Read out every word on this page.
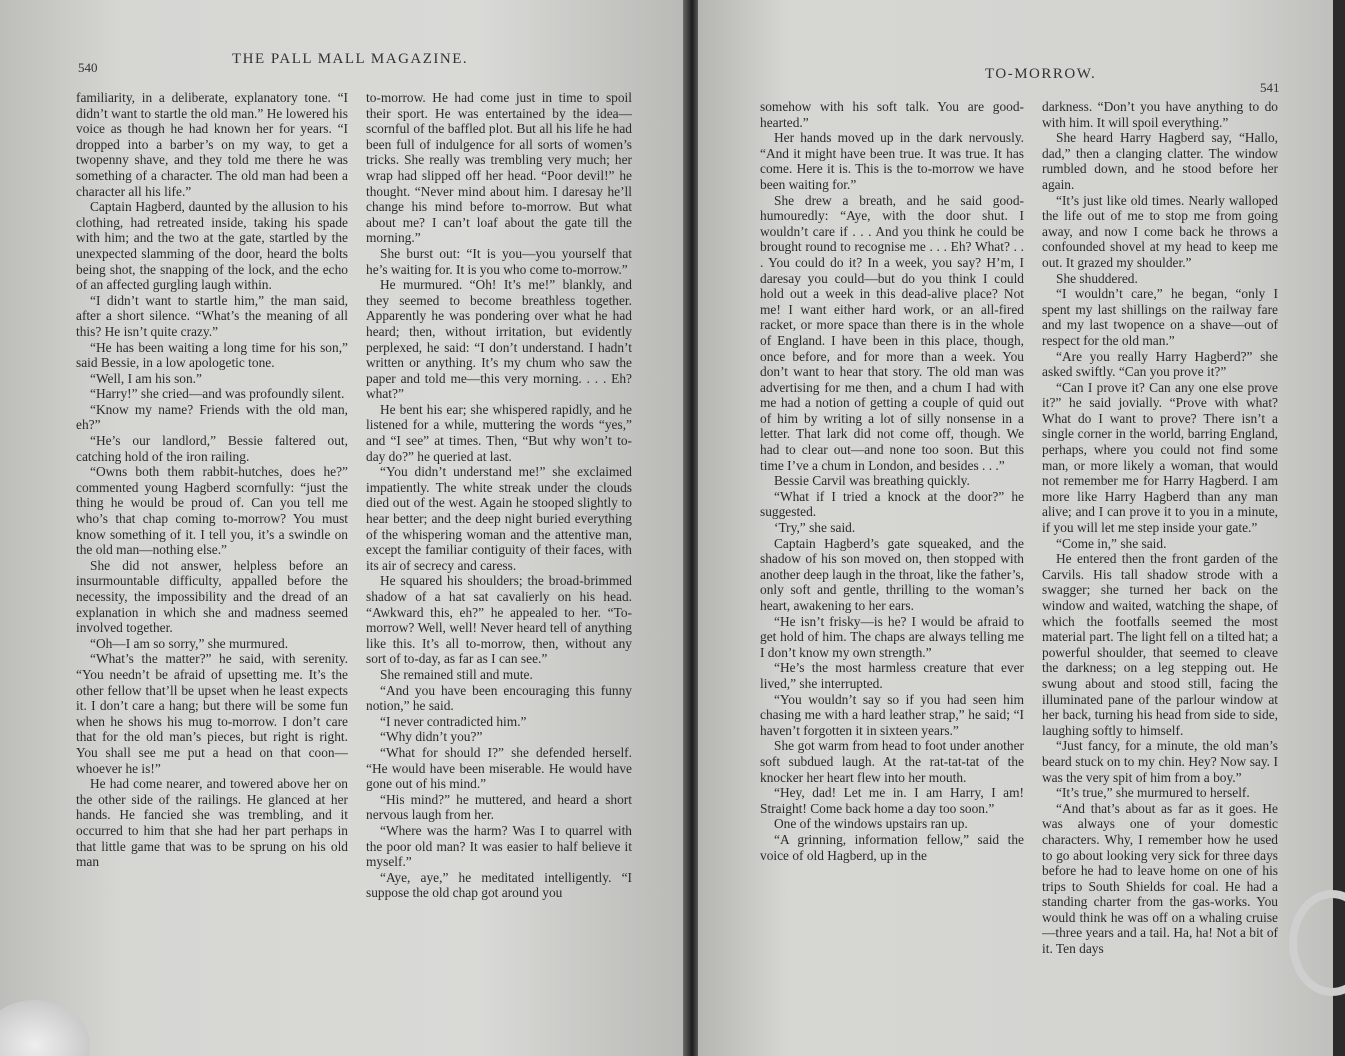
540
THE PALL MALL MAGAZINE.

familiarity, in a deliberate, explanatory tone. “I didn’t want to startle the old man.” He lowered his voice as though he had known her for years. “I dropped into a barber’s on my way, to get a twopenny shave, and they told me there he was something of a character. The old man had been a character all his life.”

Captain Hagberd, daunted by the allusion to his clothing, had retreated inside, taking his spade with him; and the two at the gate, startled by the unexpected slamming of the door, heard the bolts being shot, the snapping of the lock, and the echo of an affected gurgling laugh within.

“I didn’t want to startle him,” the man said, after a short silence. “What’s the meaning of all this? He isn’t quite crazy.”

“He has been waiting a long time for his son,” said Bessie, in a low apologetic tone.

“Well, I am his son.”

“Harry!” she cried—and was profoundly silent.

“Know my name? Friends with the old man, eh?”

“He’s our landlord,” Bessie faltered out, catching hold of the iron railing.

“Owns both them rabbit-hutches, does he?” commented young Hagberd scornfully: “just the thing he would be proud of. Can you tell me who’s that chap coming to-morrow? You must know something of it. I tell you, it’s a swindle on the old man—nothing else.”

She did not answer, helpless before an insurmountable difficulty, appalled before the necessity, the impossibility and the dread of an explanation in which she and madness seemed involved together.

“Oh—I am so sorry,” she murmured.

“What’s the matter?” he said, with serenity. “You needn’t be afraid of upsetting me. It’s the other fellow that’ll be upset when he least expects it. I don’t care a hang; but there will be some fun when he shows his mug to-morrow. I don’t care that for the old man’s pieces, but right is right. You shall see me put a head on that coon—whoever he is!”

He had come nearer, and towered above her on the other side of the railings. He glanced at her hands. He fancied she was trembling, and it occurred to him that she had her part perhaps in that little game that was to be sprung on his old man

to-morrow. He had come just in time to spoil their sport. He was entertained by the idea—scornful of the baffled plot. But all his life he had been full of indulgence for all sorts of women’s tricks. She really was trembling very much; her wrap had slipped off her head. “Poor devil!” he thought. “Never mind about him. I daresay he’ll change his mind before to-morrow. But what about me? I can’t loaf about the gate till the morning.”

She burst out: “It is you—you yourself that he’s waiting for. It is you who come to-morrow.”

He murmured. “Oh! It’s me!” blankly, and they seemed to become breathless together. Apparently he was pondering over what he had heard; then, without irritation, but evidently perplexed, he said: “I don’t understand. I hadn’t written or anything. It’s my chum who saw the paper and told me—this very morning. . . . Eh? what?”

He bent his ear; she whispered rapidly, and he listened for a while, muttering the words “yes,” and “I see” at times. Then, “But why won’t to-day do?” he queried at last.

“You didn’t understand me!” she exclaimed impatiently. The white streak under the clouds died out of the west. Again he stooped slightly to hear better; and the deep night buried everything of the whispering woman and the attentive man, except the familiar contiguity of their faces, with its air of secrecy and caress.

He squared his shoulders; the broad-brimmed shadow of a hat sat cavalierly on his head. “Awkward this, eh?” he appealed to her. “To-morrow? Well, well! Never heard tell of anything like this. It’s all to-morrow, then, without any sort of to-day, as far as I can see.”

She remained still and mute.

“And you have been encouraging this funny notion,” he said.

“I never contradicted him.”

“Why didn’t you?”

“What for should I?” she defended herself. “He would have been miserable. He would have gone out of his mind.”

“His mind?” he muttered, and heard a short nervous laugh from her.

“Where was the harm? Was I to quarrel with the poor old man? It was easier to half believe it myself.”

“Aye, aye,” he meditated intelligently. “I suppose the old chap got around you

TO-MORROW.
541

somehow with his soft talk. You are good-hearted.”

Her hands moved up in the dark nervously. “And it might have been true. It was true. It has come. Here it is. This is the to-morrow we have been waiting for.”

She drew a breath, and he said good-humouredly: “Aye, with the door shut. I wouldn’t care if . . . And you think he could be brought round to recognise me . . . Eh? What? . . . You could do it? In a week, you say? H’m, I daresay you could—but do you think I could hold out a week in this dead-alive place? Not me! I want either hard work, or an all-fired racket, or more space than there is in the whole of England. I have been in this place, though, once before, and for more than a week. You don’t want to hear that story. The old man was advertising for me then, and a chum I had with me had a notion of getting a couple of quid out of him by writing a lot of silly nonsense in a letter. That lark did not come off, though. We had to clear out—and none too soon. But this time I’ve a chum in London, and besides . . .”

Bessie Carvil was breathing quickly.

“What if I tried a knock at the door?” he suggested.

‘Try,” she said.

Captain Hagberd’s gate squeaked, and the shadow of his son moved on, then stopped with another deep laugh in the throat, like the father’s, only soft and gentle, thrilling to the woman’s heart, awakening to her ears.

“He isn’t frisky—is he? I would be afraid to get hold of him. The chaps are always telling me I don’t know my own strength.”

“He’s the most harmless creature that ever lived,” she interrupted.

“You wouldn’t say so if you had seen him chasing me with a hard leather strap,” he said; “I haven’t forgotten it in sixteen years.”

She got warm from head to foot under another soft subdued laugh. At the rat-tat-tat of the knocker her heart flew into her mouth.

“Hey, dad! Let me in. I am Harry, I am! Straight! Come back home a day too soon.”

One of the windows upstairs ran up.

“A grinning, information fellow,” said the voice of old Hagberd, up in the

darkness. “Don’t you have anything to do with him. It will spoil everything.”

She heard Harry Hagberd say, “Hallo, dad,” then a clanging clatter. The window rumbled down, and he stood before her again.

“It’s just like old times. Nearly walloped the life out of me to stop me from going away, and now I come back he throws a confounded shovel at my head to keep me out. It grazed my shoulder.”

She shuddered.

“I wouldn’t care,” he began, “only I spent my last shillings on the railway fare and my last twopence on a shave—out of respect for the old man.”

“Are you really Harry Hagberd?” she asked swiftly. “Can you prove it?”

“Can I prove it? Can any one else prove it?” he said jovially. “Prove with what? What do I want to prove? There isn’t a single corner in the world, barring England, perhaps, where you could not find some man, or more likely a woman, that would not remember me for Harry Hagberd. I am more like Harry Hagberd than any man alive; and I can prove it to you in a minute, if you will let me step inside your gate.”

“Come in,” she said.

He entered then the front garden of the Carvils. His tall shadow strode with a swagger; she turned her back on the window and waited, watching the shape, of which the footfalls seemed the most material part. The light fell on a tilted hat; a powerful shoulder, that seemed to cleave the darkness; on a leg stepping out. He swung about and stood still, facing the illuminated pane of the parlour window at her back, turning his head from side to side, laughing softly to himself.

“Just fancy, for a minute, the old man’s beard stuck on to my chin. Hey? Now say. I was the very spit of him from a boy.”

“It’s true,” she murmured to herself.

“And that’s about as far as it goes. He was always one of your domestic characters. Why, I remember how he used to go about looking very sick for three days before he had to leave home on one of his trips to South Shields for coal. He had a standing charter from the gas-works. You would think he was off on a whaling cruise—three years and a tail. Ha, ha! Not a bit of it. Ten days
